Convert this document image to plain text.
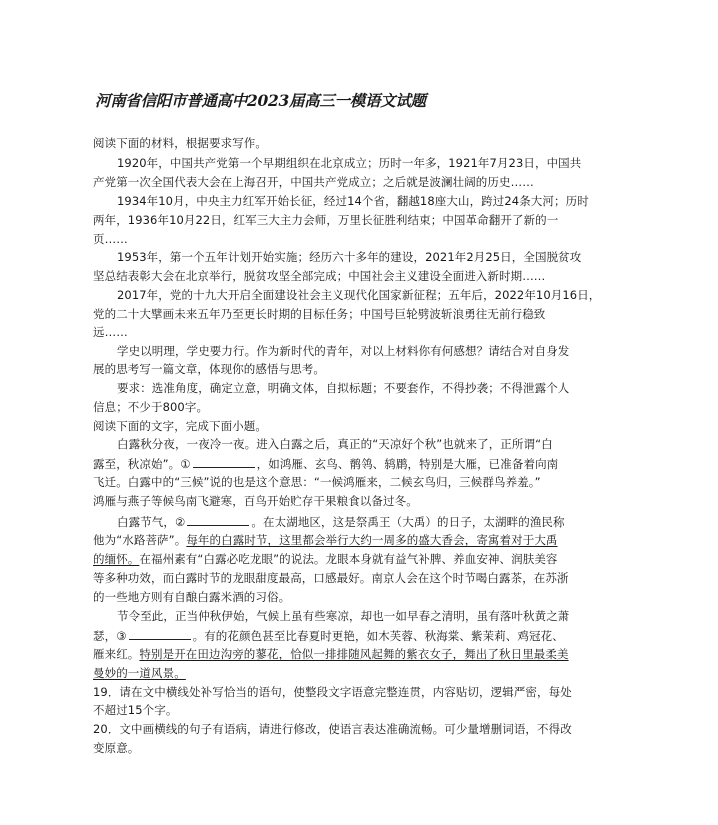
河南省信阳市普通高中2023届高三一模语文试题
阅读下面的材料，根据要求写作。
1920年，中国共产党第一个早期组织在北京成立；历时一年多，1921年7月23日，中国共
产党第一次全国代表大会在上海召开，中国共产党成立；之后就是波澜壮阔的历史……
1934年10月，中央主力红军开始长征，经过14个省，翻越18座大山，跨过24条大河；历时
两年，1936年10月22日，红军三大主力会师，万里长征胜利结束；中国革命翻开了新的一
页……
1953年，第一个五年计划开始实施；经历六十多年的建设，2021年2月25日，全国脱贫攻
坚总结表彰大会在北京举行，脱贫攻坚全部完成；中国社会主义建设全面进入新时期……
2017年，党的十九大开启全面建设社会主义现代化国家新征程；五年后，2022年10月16日，
党的二十大擘画未来五年乃至更长时期的目标任务；中国号巨轮劈波斩浪勇往无前行稳致
远……
学史以明理，学史要力行。作为新时代的青年，对以上材料你有何感想？请结合对自身发
展的思考写一篇文章，体现你的感悟与思考。
要求：选准角度，确定立意，明确文体，自拟标题；不要套作，不得抄袭；不得泄露个人
信息；不少于800字。
阅读下面的文字，完成下面小题。
白露秋分夜，一夜冷一夜。进入白露之后，真正的“天凉好个秋”也就来了，正所谓“白
露至，秋凉始”。①	，如鸿雁、玄鸟、鹡鸰、鸫鹛，特别是大雁，已准备着向南
飞迁。白露中的“三候”说的也是这个意思：“一候鸿雁来，二候玄鸟归，三候群鸟养羞。”
鸿雁与燕子等候鸟南飞避寒，百鸟开始贮存干果粮食以备过冬。
白露节气，②	。在太湖地区，这是祭禹王（大禹）的日子，太湖畔的渔民称
他为“水路菩萨”。每年的白露时节，这里都会举行大约一周多的盛大香会，寄寓着对于大禹
的缅怀。在福州素有“白露必吃龙眼”的说法。龙眼本身就有益气补脾、养血安神、润肤美容
等多种功效，而白露时节的龙眼甜度最高，口感最好。南京人会在这个时节喝白露茶，在苏浙
的一些地方则有自酿白露米酒的习俗。
节令至此，正当仲秋伊始，气候上虽有些寒凉，却也一如早春之清明，虽有落叶秋黄之萧
瑟，③	。有的花颜色甚至比春夏时更艳，如木芙蓉、秋海棠、紫茉莉、鸡冠花、
雁来红。特别是开在田边沟旁的蓼花，恰似一排排随风起舞的紫衣女子，舞出了秋日里最柔美
曼妙的一道风景。
19．请在文中横线处补写恰当的语句，使整段文字语意完整连贯，内容贴切，逻辑严密，每处
不超过15个字。
20．文中画横线的句子有语病，请进行修改，使语言表达准确流畅。可少量增删词语，不得改
变原意。
